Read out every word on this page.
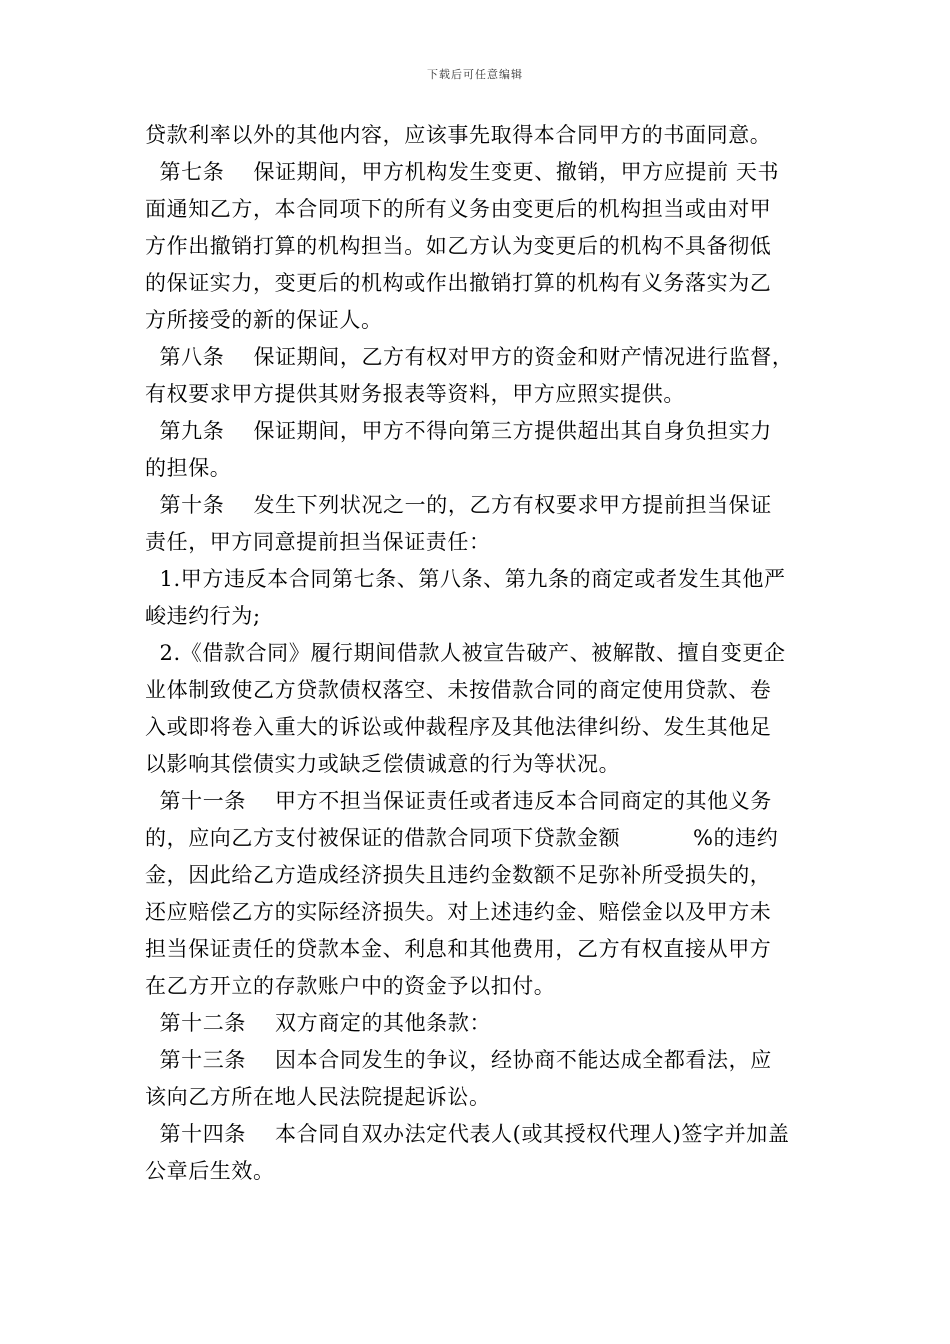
下载后可任意编辑
贷款利率以外的其他内容，应该事先取得本合同甲方的书面同意。
第七条    保证期间，甲方机构发生变更、撤销，甲方应提前 天书
面通知乙方，本合同项下的所有义务由变更后的机构担当或由对甲
方作出撤销打算的机构担当。如乙方认为变更后的机构不具备彻低
的保证实力，变更后的机构或作出撤销打算的机构有义务落实为乙
方所接受的新的保证人。
第八条    保证期间，乙方有权对甲方的资金和财产情况进行监督，
有权要求甲方提供其财务报表等资料，甲方应照实提供。
第九条    保证期间，甲方不得向第三方提供超出其自身负担实力
的担保。
第十条    发生下列状况之一的，乙方有权要求甲方提前担当保证
责任，甲方同意提前担当保证责任：
1.甲方违反本合同第七条、第八条、第九条的商定或者发生其他严
峻违约行为;
2.《借款合同》履行期间借款人被宣告破产、被解散、擅自变更企
业体制致使乙方贷款债权落空、未按借款合同的商定使用贷款、卷
入或即将卷入重大的诉讼或仲裁程序及其他法律纠纷、发生其他足
以影响其偿债实力或缺乏偿债诚意的行为等状况。
第十一条    甲方不担当保证责任或者违反本合同商定的其他义务
的，应向乙方支付被保证的借款合同项下贷款金额          %的违约
金，因此给乙方造成经济损失且违约金数额不足弥补所受损失的，
还应赔偿乙方的实际经济损失。对上述违约金、赔偿金以及甲方未
担当保证责任的贷款本金、利息和其他费用，乙方有权直接从甲方
在乙方开立的存款账户中的资金予以扣付。
第十二条    双方商定的其他条款：
第十三条    因本合同发生的争议，经协商不能达成全都看法，应
该向乙方所在地人民法院提起诉讼。
第十四条    本合同自双办法定代表人(或其授权代理人)签字并加盖
公章后生效。
